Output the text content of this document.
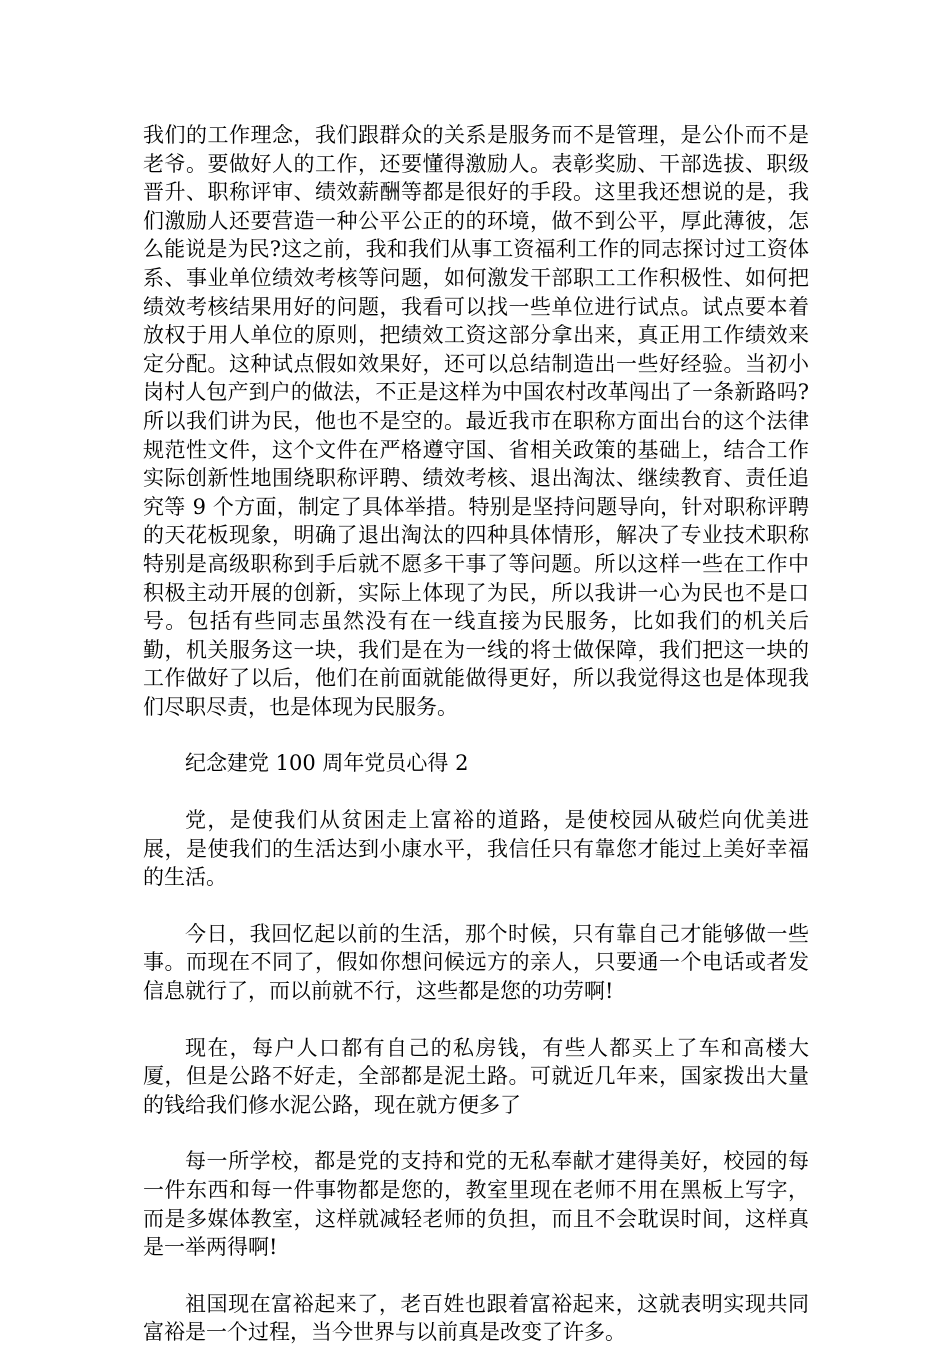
我们的工作理念，我们跟群众的关系是服务而不是管理，是公仆而不是老爷。要做好人的工作，还要懂得激励人。表彰奖励、干部选拔、职级晋升、职称评审、绩效薪酬等都是很好的手段。这里我还想说的是，我们激励人还要营造一种公平公正的的环境，做不到公平，厚此薄彼，怎么能说是为民?这之前，我和我们从事工资福利工作的同志探讨过工资体系、事业单位绩效考核等问题，如何激发干部职工工作积极性、如何把绩效考核结果用好的问题，我看可以找一些单位进行试点。试点要本着放权于用人单位的原则，把绩效工资这部分拿出来，真正用工作绩效来定分配。这种试点假如效果好，还可以总结制造出一些好经验。当初小岗村人包产到户的做法，不正是这样为中国农村改革闯出了一条新路吗?所以我们讲为民，他也不是空的。最近我市在职称方面出台的这个法律规范性文件，这个文件在严格遵守国、省相关政策的基础上，结合工作实际创新性地围绕职称评聘、绩效考核、退出淘汰、继续教育、责任追究等 9 个方面，制定了具体举措。特别是坚持问题导向，针对职称评聘的天花板现象，明确了退出淘汰的四种具体情形，解决了专业技术职称特别是高级职称到手后就不愿多干事了等问题。所以这样一些在工作中积极主动开展的创新，实际上体现了为民，所以我讲一心为民也不是口号。包括有些同志虽然没有在一线直接为民服务，比如我们的机关后勤，机关服务这一块，我们是在为一线的将士做保障，我们把这一块的工作做好了以后，他们在前面就能做得更好，所以我觉得这也是体现我们尽职尽责，也是体现为民服务。

纪念建党 100 周年党员心得 2

党，是使我们从贫困走上富裕的道路，是使校园从破烂向优美进展，是使我们的生活达到小康水平，我信任只有靠您才能过上美好幸福的生活。

今日，我回忆起以前的生活，那个时候，只有靠自己才能够做一些事。而现在不同了，假如你想问候远方的亲人，只要通一个电话或者发信息就行了，而以前就不行，这些都是您的功劳啊!

现在，每户人口都有自己的私房钱，有些人都买上了车和高楼大厦，但是公路不好走，全部都是泥土路。可就近几年来，国家拨出大量的钱给我们修水泥公路，现在就方便多了

每一所学校，都是党的支持和党的无私奉献才建得美好，校园的每一件东西和每一件事物都是您的，教室里现在老师不用在黑板上写字，而是多媒体教室，这样就减轻老师的负担，而且不会耽误时间，这样真是一举两得啊!

祖国现在富裕起来了，老百姓也跟着富裕起来，这就表明实现共同富裕是一个过程，当今世界与以前真是改变了许多。
